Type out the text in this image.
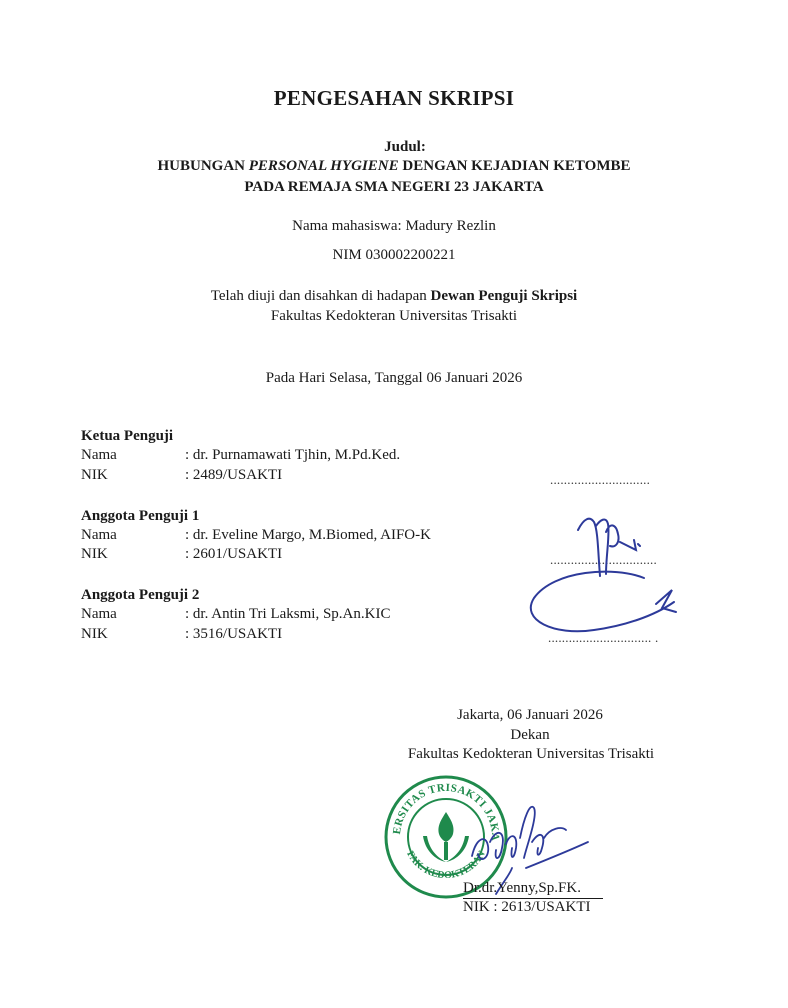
PENGESAHAN SKRIPSI
Judul:
HUBUNGAN PERSONAL HYGIENE DENGAN KEJADIAN KETOMBE
PADA REMAJA SMA NEGERI 23 JAKARTA
Nama mahasiswa: Madury Rezlin
NIM 030002200221
Telah diuji dan disahkan di hadapan Dewan Penguji Skripsi
Fakultas Kedokteran Universitas Trisakti
Pada Hari Selasa, Tanggal 06 Januari 2026
Ketua Penguji
Nama	: dr. Purnamawati Tjhin, M.Pd.Ked.
NIK	: 2489/USAKTI	.............................
Anggota Penguji 1
Nama	: dr. Eveline Margo, M.Biomed, AIFO-K
NIK	: 2601/USAKTI	...............................
Anggota Penguji 2
Nama	: dr. Antin Tri Laksmi, Sp.An.KIC
NIK	: 3516/USAKTI	.............................. .
Jakarta, 06 Januari 2026
Dekan
Fakultas Kedokteran Universitas Trisakti
ERSITAS TRISAKTI JAKA
FAK. KEDOKTERAN
Dr.dr.Yenny,Sp.FK.
NIK : 2613/USAKTI
